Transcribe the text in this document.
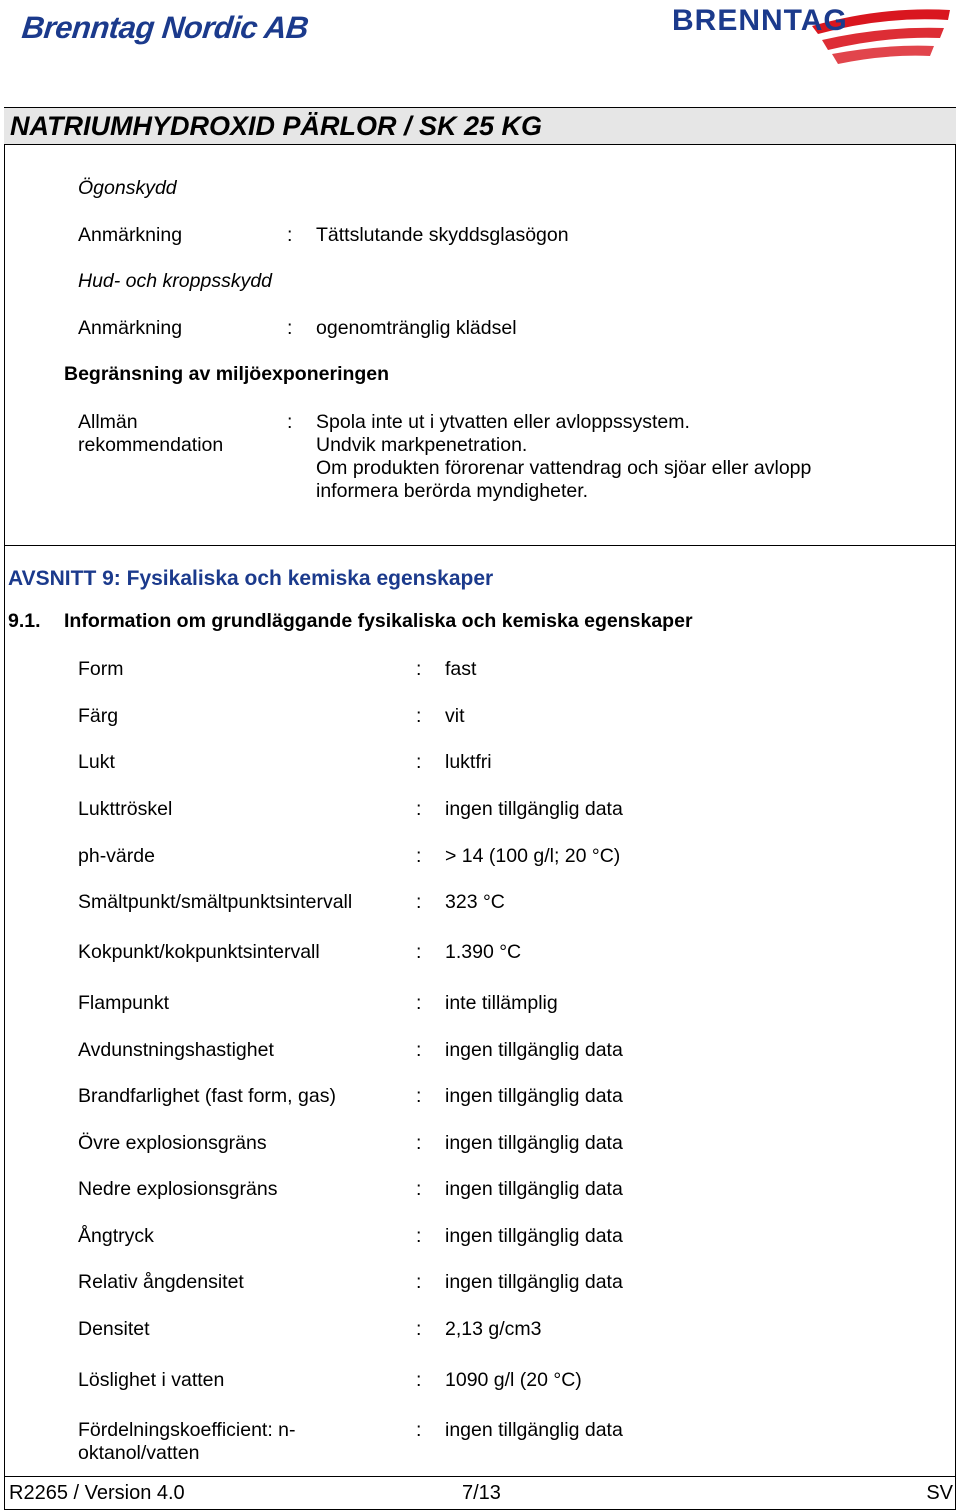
Brenntag Nordic AB	BRENNTAG
NATRIUMHYDROXID PÄRLOR / SK 25 KG
Ögonskydd
Anmärkning	: Tättslutande skyddsglasögon
Hud- och kroppsskydd
Anmärkning	: ogenomtränglig klädsel
Begränsning av miljöexponeringen
Allmän
rekommendation
: Spola inte ut i ytvatten eller avloppssystem.
Undvik markpenetration.
Om produkten förorenar vattendrag och sjöar eller avlopp
informera berörda myndigheter.
AVSNITT 9: Fysikaliska och kemiska egenskaper
9.1. Information om grundläggande fysikaliska och kemiska egenskaper
Form	: fast
Färg	: vit
Lukt	: luktfri
Lukttröskel	: ingen tillgänglig data
ph-värde	: > 14 (100 g/l; 20 °C)
Smältpunkt/smältpunktsintervall	: 323 °C
Kokpunkt/kokpunktsintervall	: 1.390 °C
Flampunkt	: inte tillämplig
Avdunstningshastighet	: ingen tillgänglig data
Brandfarlighet (fast form, gas)	: ingen tillgänglig data
Övre explosionsgräns	: ingen tillgänglig data
Nedre explosionsgräns	: ingen tillgänglig data
Ångtryck	: ingen tillgänglig data
Relativ ångdensitet	: ingen tillgänglig data
Densitet	: 2,13 g/cm3
Löslighet i vatten	: 1090 g/l (20 °C)
Fördelningskoefficient: n-
oktanol/vatten
: ingen tillgänglig data
R2265 / Version 4.0	7/13	SV
